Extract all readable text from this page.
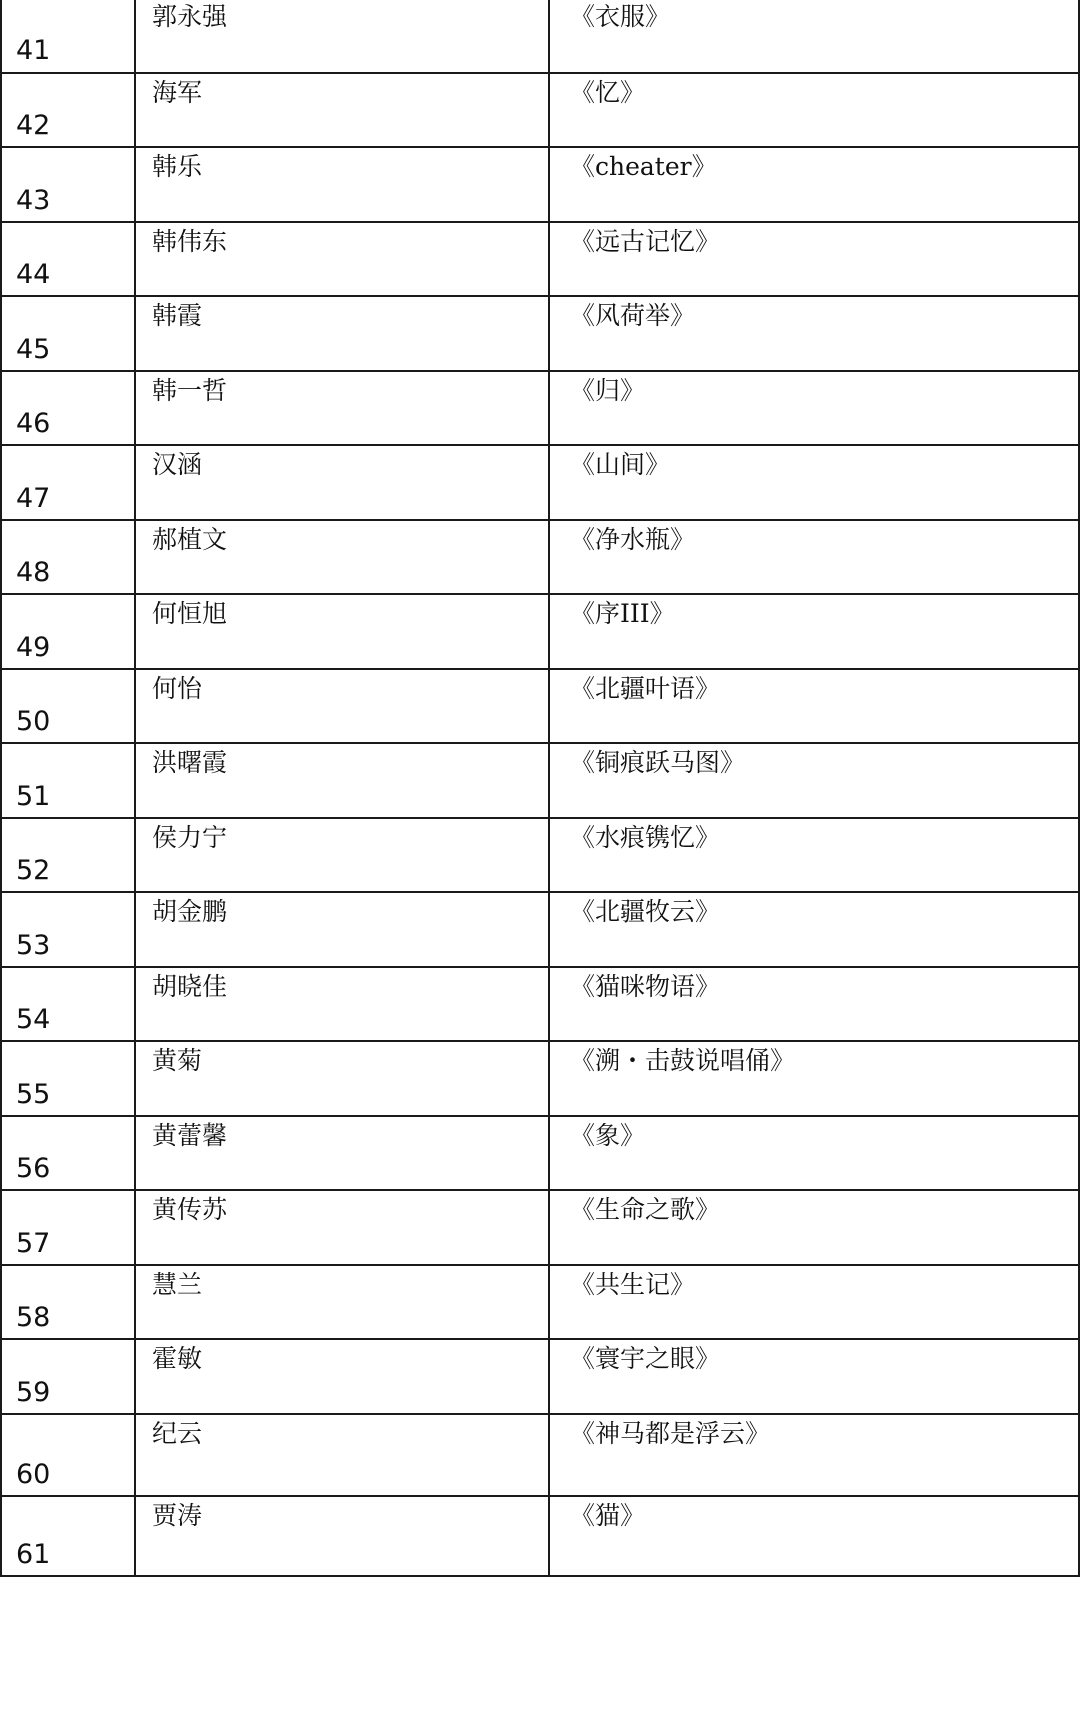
41	郭永强	《衣服》

42	海军	《忆》

43	韩乐	《cheater》

44	韩伟东	《远古记忆》

45	韩霞	《风荷举》

46	韩一哲	《归》

47	汉涵	《山间》

48	郝植文	《净水瓶》

49	何恒旭	《序III》

50	何怡	《北疆叶语》

51	洪曙霞	《铜痕跃马图》

52	侯力宁	《水痕镌忆》

53	胡金鹏	《北疆牧云》

54	胡晓佳	《猫咪物语》

55	黄菊	《溯・击鼓说唱俑》

56	黄蕾馨	《象》

57	黄传苏	《生命之歌》

58	慧兰	《共生记》

59	霍敏	《寰宇之眼》

60	纪云	《神马都是浮云》

61	贾涛	《猫》
